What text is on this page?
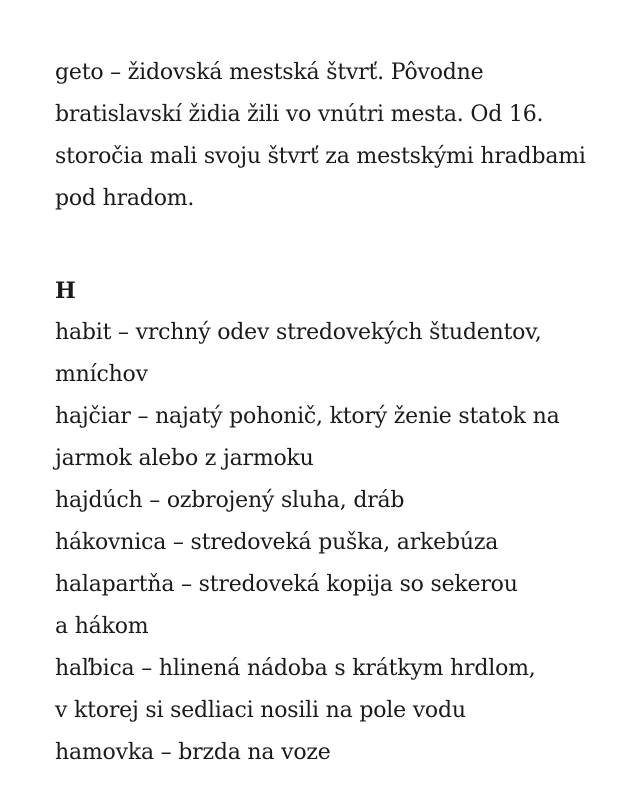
geto – židovská mestská štvrť. Pôvodne
bratislavskí židia žili vo vnútri mesta. Od 16.
storočia mali svoju štvrť za mestskými hradbami
pod hradom.
H
habit – vrchný odev stredovekých študentov,
mníchov
hajčiar – najatý pohonič, ktorý ženie statok na
jarmok alebo z jarmoku
hajdúch – ozbrojený sluha, dráb
hákovnica – stredoveká puška, arkebúza
halapartňa – stredoveká kopija so sekerou
a hákom
haľbica – hlinená nádoba s krátkym hrdlom,
v ktorej si sedliaci nosili na pole vodu
hamovka – brzda na voze
